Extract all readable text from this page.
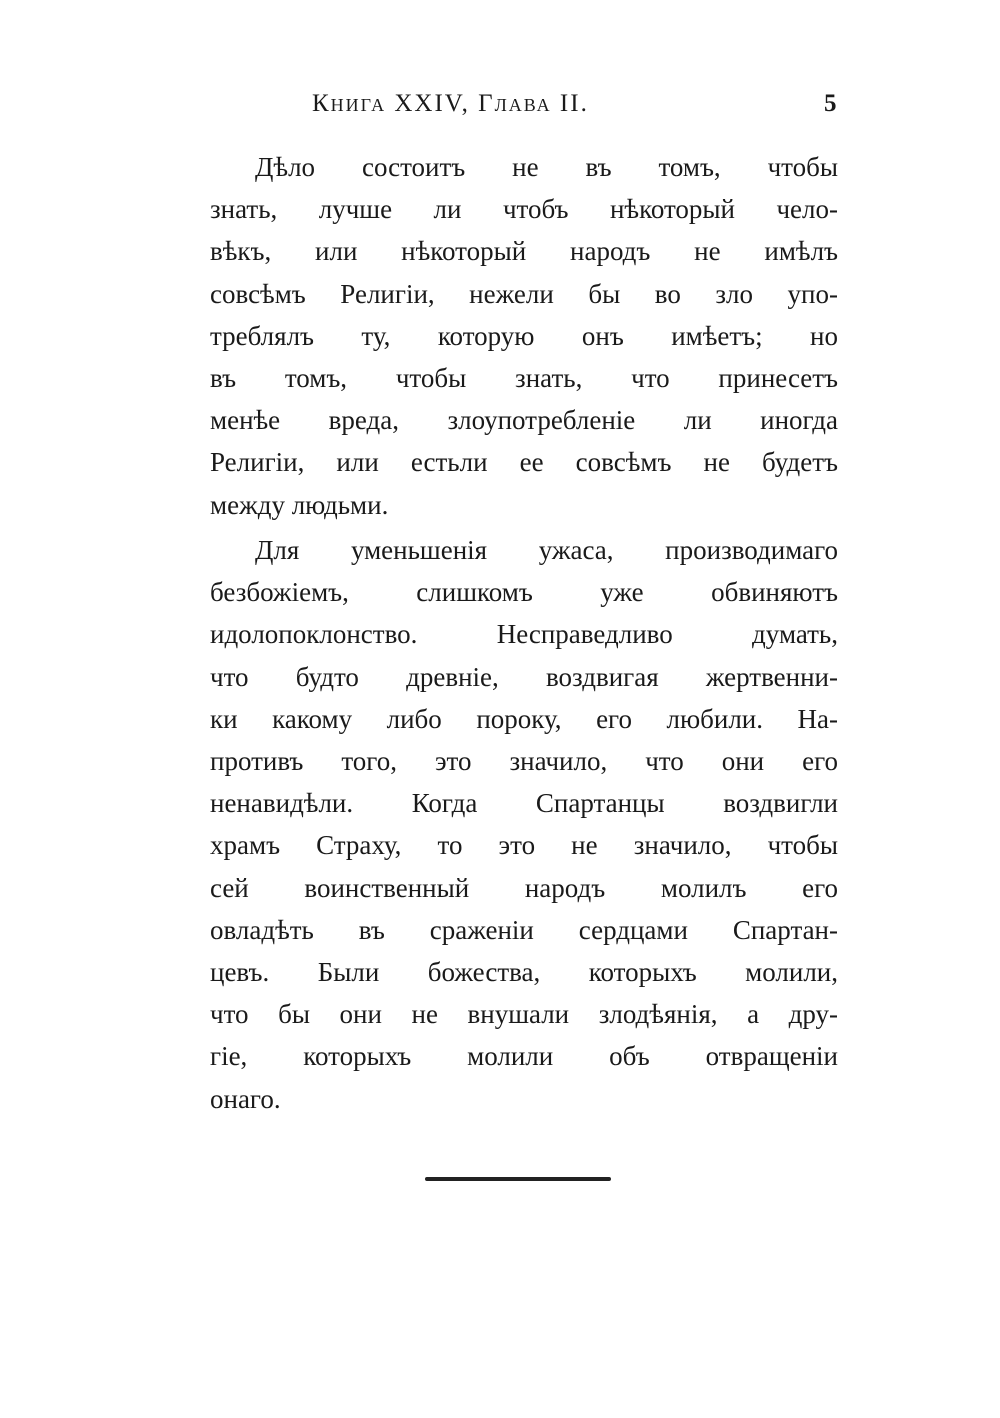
Книга XXIV, Глава II.	5
Дѣло состоитъ не въ томъ, чтобы
знать, лучше ли чтобъ нѣкоторый чело-
вѣкъ, или нѣкоторый народъ не имѣлъ
совсѣмъ Религіи, нежели бы во зло упо-
треблялъ ту, которую онъ имѣетъ; но
въ томъ, чтобы знать, что принесетъ
менѣе вреда, злоупотребленіе ли иногда
Религіи, или естьли ее совсѣмъ не будетъ
между людьми.
Для уменьшенія ужаса, производимаго
безбожіемъ, слишкомъ уже обвиняютъ
идолопоклонство. Несправедливо думать,
что будто древніе, воздвигая жертвенни-
ки какому либо пороку, его любили. На-
противъ того, это значило, что они его
ненавидѣли. Когда Спартанцы воздвигли
храмъ Страху, то это не значило, чтобы
сей воинственный народъ молилъ его
овладѣть въ сраженіи сердцами Спартан-
цевъ. Были божества, которыхъ молили,
что бы они не внушали злодѣянія, а дру-
гіе, которыхъ молили объ отвращеніи
онаго.
